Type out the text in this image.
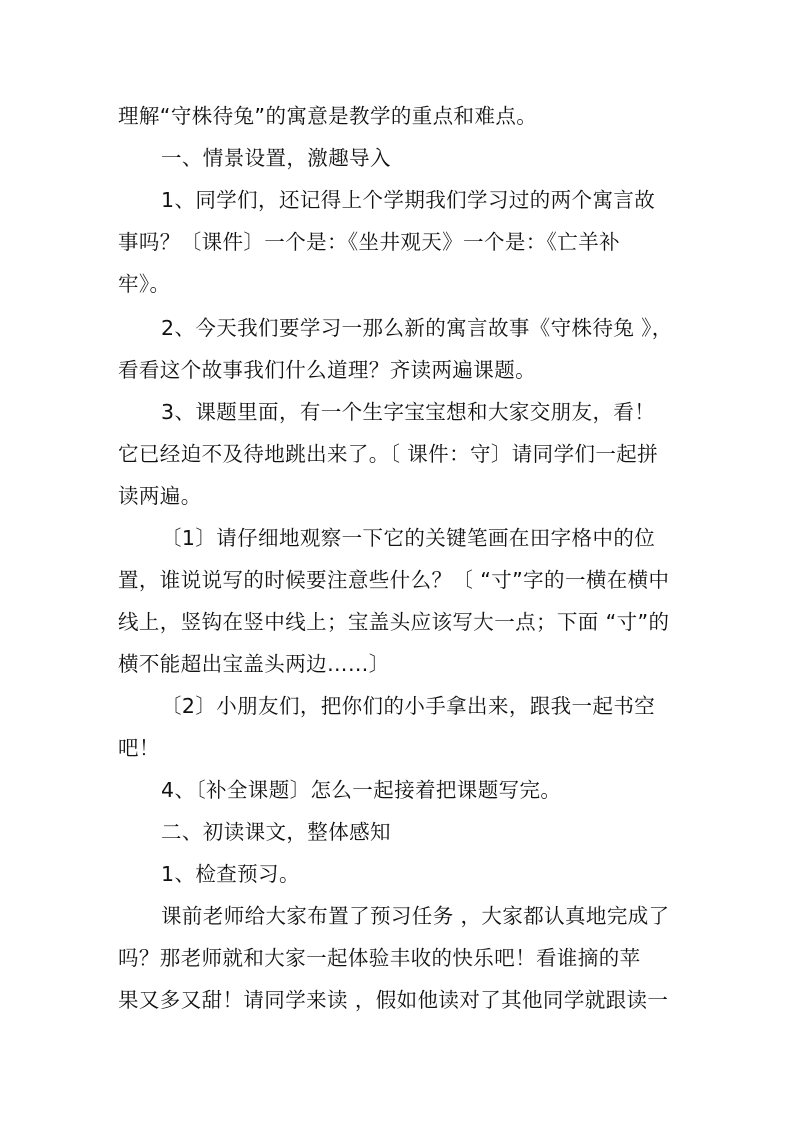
理解“守株待兔”的寓意是教学的重点和难点。
一、情景设置，激趣导入
1、同学们，还记得上个学期我们学习过的两个寓言故
事吗？〔课件〕一个是：《坐井观天》一个是：《亡羊补
牢》。
2、今天我们要学习一那么新的寓言故事《守株待兔 》，
看看这个故事我们什么道理？齐读两遍课题。
3、课题里面，有一个生字宝宝想和大家交朋友，看！
它已经迫不及待地跳出来了。〔 课件：守〕请同学们一起拼
读两遍。
〔1〕请仔细地观察一下它的关键笔画在田字格中的位
置，谁说说写的时候要注意些什么？〔 “寸”字的一横在横中
线上，竖钩在竖中线上；宝盖头应该写大一点；下面 “寸”的
横不能超出宝盖头两边……〕
〔2〕小朋友们，把你们的小手拿出来，跟我一起书空
吧！
4、〔补全课题〕怎么一起接着把课题写完。
二、初读课文，整体感知
1、检查预习。
课前老师给大家布置了预习任务 ，大家都认真地完成了
吗？那老师就和大家一起体验丰收的快乐吧！看谁摘的苹
果又多又甜！请同学来读 ，假如他读对了其他同学就跟读一
